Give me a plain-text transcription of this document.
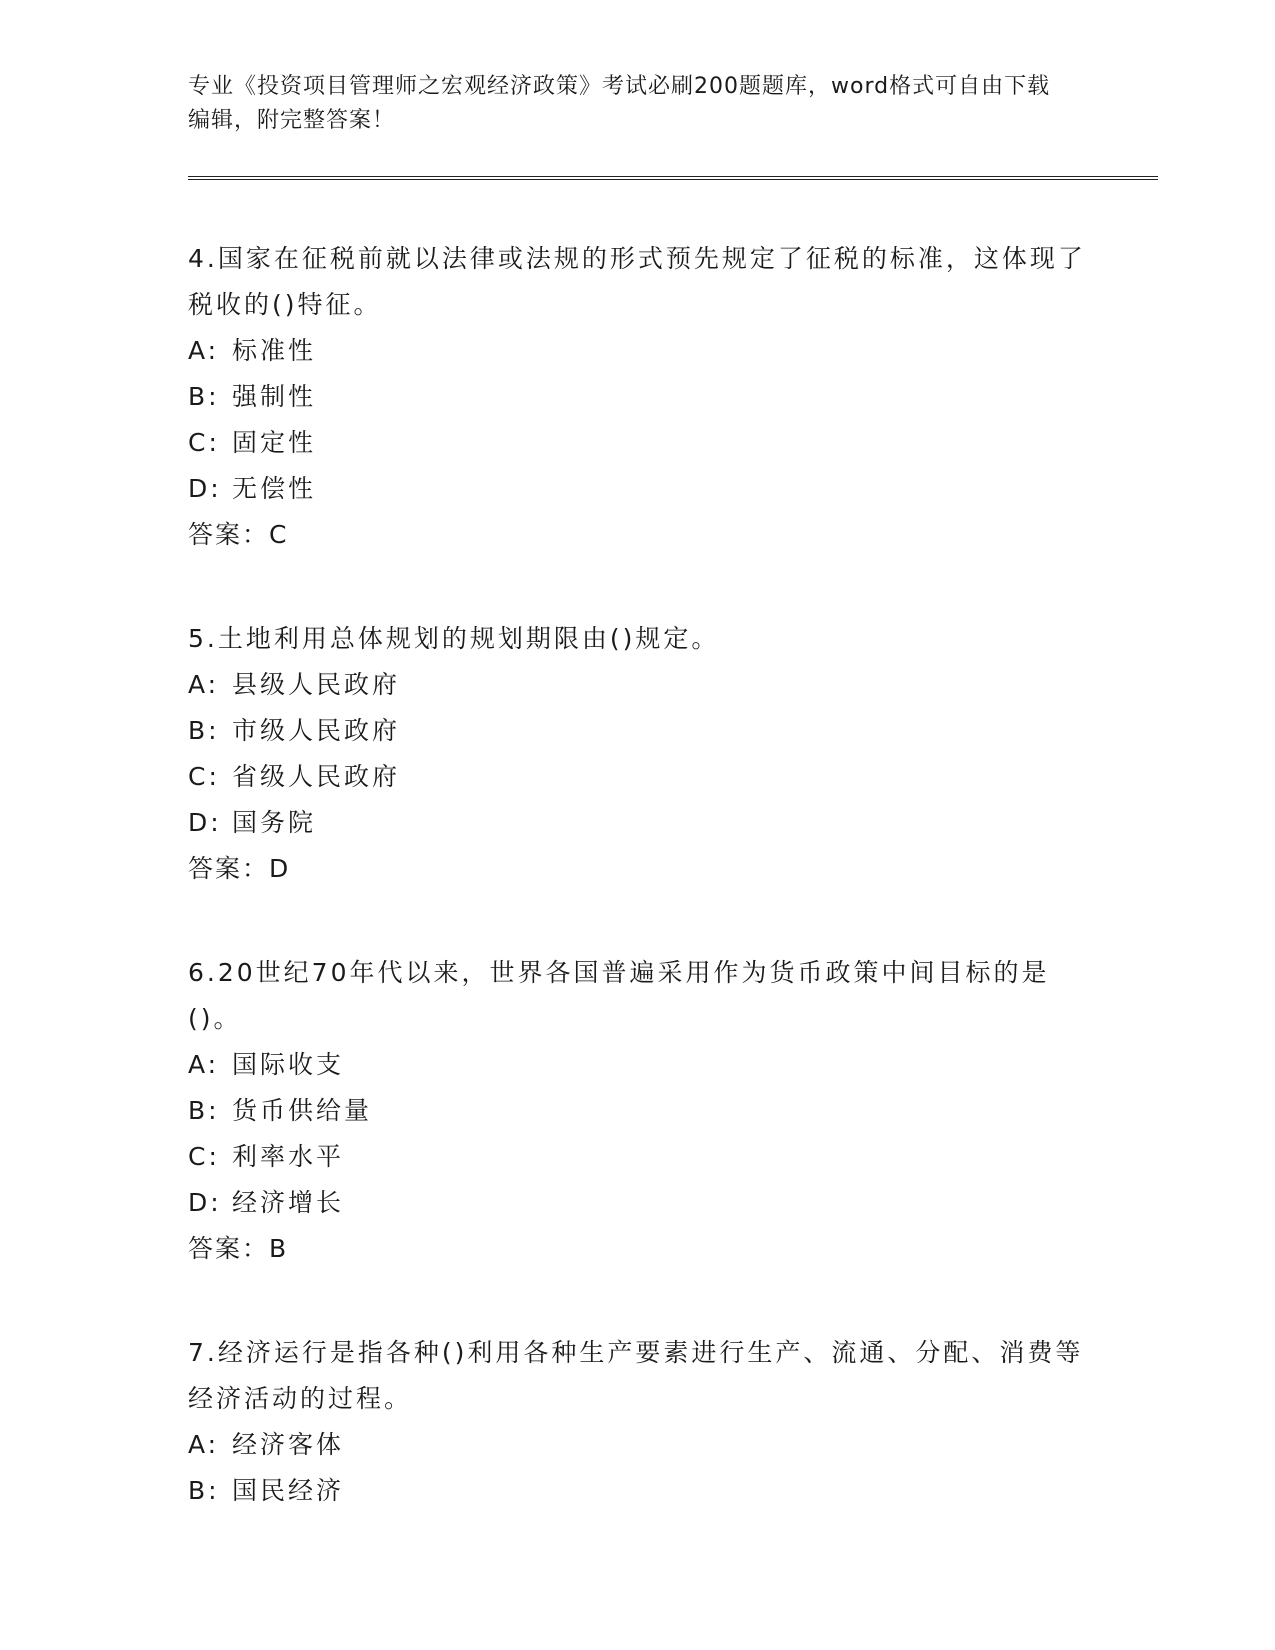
专业《投资项目管理师之宏观经济政策》考试必刷200题题库，word格式可自由下载编辑，附完整答案！

4.国家在征税前就以法律或法规的形式预先规定了征税的标准，这体现了税收的()特征。

A: 标准性
B: 强制性
C: 固定性
D: 无偿性
答案：C

5.土地利用总体规划的规划期限由()规定。

A: 县级人民政府
B: 市级人民政府
C: 省级人民政府
D: 国务院
答案：D

6.20世纪70年代以来，世界各国普遍采用作为货币政策中间目标的是()。

A: 国际收支
B: 货币供给量
C: 利率水平
D: 经济增长
答案：B

7.经济运行是指各种()利用各种生产要素进行生产、流通、分配、消费等经济活动的过程。

A: 经济客体
B: 国民经济
